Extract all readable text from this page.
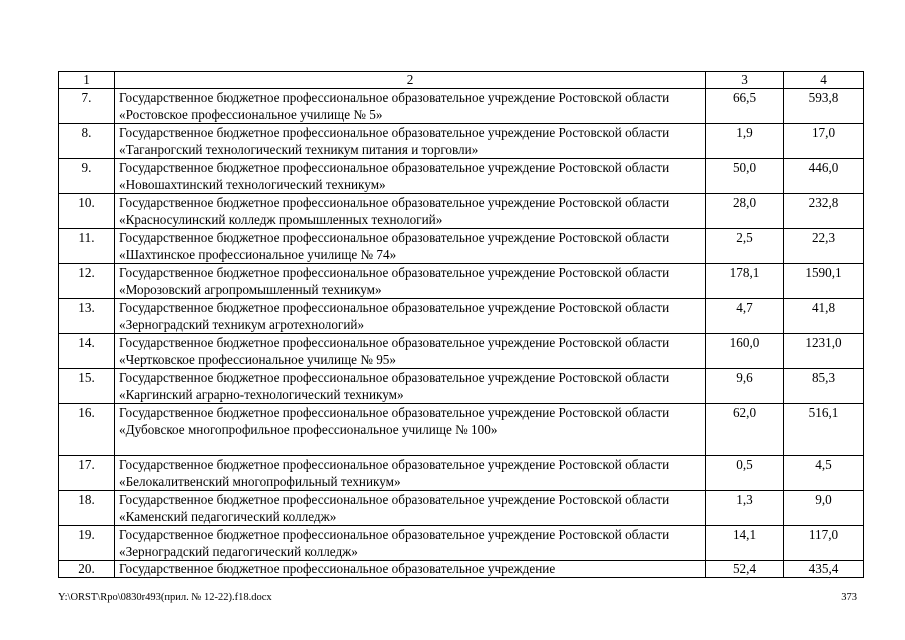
1	2	3	4
7.	Государственное бюджетное профессиональное образовательное учреждение Ростовской области «Ростовское профессиональное училище № 5»	66,5	593,8
8.	Государственное бюджетное профессиональное образовательное учреждение Ростовской области «Таганрогский технологический техникум питания и торговли»	1,9	17,0
9.	Государственное бюджетное профессиональное образовательное учреждение Ростовской области «Новошахтинский технологический техникум»	50,0	446,0
10.	Государственное бюджетное профессиональное образовательное учреждение Ростовской области «Красносулинский колледж промышленных технологий»	28,0	232,8
11.	Государственное бюджетное профессиональное образовательное учреждение Ростовской области «Шахтинское профессиональное училище № 74»	2,5	22,3
12.	Государственное бюджетное профессиональное образовательное учреждение Ростовской области «Морозовский агропромышленный техникум»	178,1	1590,1
13.	Государственное бюджетное профессиональное образовательное учреждение Ростовской области «Зерноградский техникум агротехнологий»	4,7	41,8
14.	Государственное бюджетное профессиональное образовательное учреждение Ростовской области «Чертковское профессиональное училище № 95»	160,0	1231,0
15.	Государственное бюджетное профессиональное образовательное учреждение Ростовской области «Каргинский аграрно-технологический техникум»	9,6	85,3
16.	Государственное бюджетное профессиональное образовательное учреждение Ростовской области «Дубовское многопрофильное профессиональное училище № 100»	62,0	516,1
17.	Государственное бюджетное профессиональное образовательное учреждение Ростовской области «Белокалитвенский многопрофильный техникум»	0,5	4,5
18.	Государственное бюджетное профессиональное образовательное учреждение Ростовской области «Каменский педагогический колледж»	1,3	9,0
19.	Государственное бюджетное профессиональное образовательное учреждение Ростовской области «Зерноградский педагогический колледж»	14,1	117,0
20.	Государственное бюджетное профессиональное образовательное учреждение	52,4	435,4
Y:\ORST\Rpo\0830r493(прил. № 12-22).f18.docx	373
